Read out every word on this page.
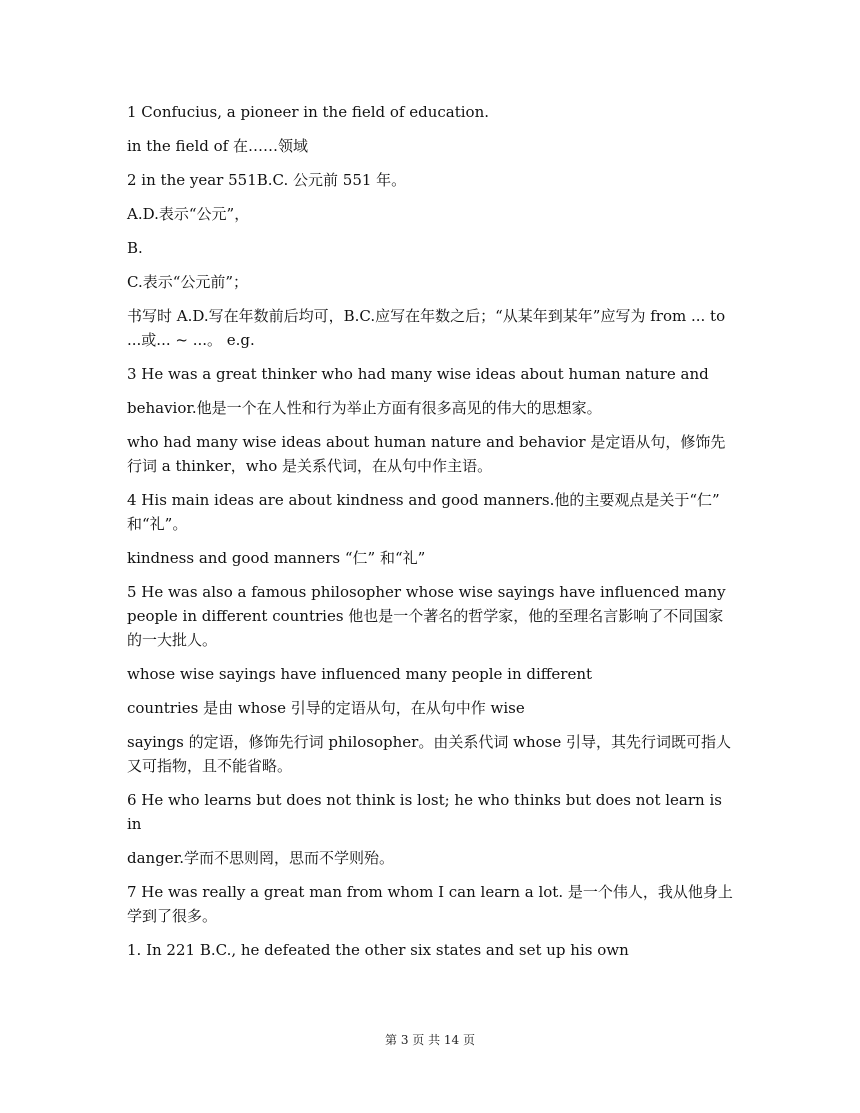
1 Confucius, a pioneer in the field of education.

in the field of 在……领域

2 in the year 551B.C. 公元前 551 年。

A.D.表示“公元”，

B.

C.表示“公元前”；

书写时 A.D.写在年数前后均可，B.C.应写在年数之后；“从某年到某年”应写为 from ... to ...或... ~ ...。 e.g.

3 He was a great thinker who had many wise ideas about human nature and

behavior.他是一个在人性和行为举止方面有很多高见的伟大的思想家。

who had many wise ideas about human nature and behavior 是定语从句，修饰先行词 a thinker，who 是关系代词，在从句中作主语。

4 His main ideas are about kindness and good manners.他的主要观点是关于“仁” 和“礼”。

kindness and good manners “仁” 和“礼”

5 He was also a famous philosopher whose wise sayings have influenced many people in different countries 他也是一个著名的哲学家，他的至理名言影响了不同国家的一大批人。

whose wise sayings have influenced many people in different

countries 是由 whose 引导的定语从句，在从句中作 wise

sayings 的定语，修饰先行词 philosopher。由关系代词 whose 引导，其先行词既可指人又可指物，且不能省略。

6 He who learns but does not think is lost; he who thinks but does not learn is in

danger.学而不思则罔，思而不学则殆。

7 He was really a great man from whom I can learn a lot. 是一个伟人，我从他身上学到了很多。

1. In 221 B.C., he defeated the other six states and set up his own

第 3 页 共 14 页
